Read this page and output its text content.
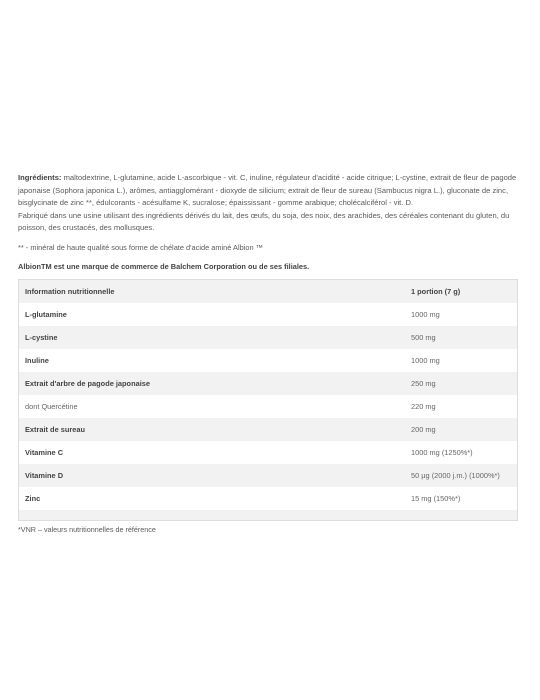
Ingrédients: maltodextrine, L-glutamine, acide L-ascorbique - vit. C, inuline, régulateur d'acidité - acide citrique; L-cystine, extrait de fleur de pagode japonaise (Sophora japonica L.), arômes, antiagglomérant - dioxyde de silicium; extrait de fleur de sureau (Sambucus nigra L.), gluconate de zinc, bisglycinate de zinc **, édulcorants - acésulfame K, sucralose; épaississant - gomme arabique; cholécalciférol - vit. D.
Fabriqué dans une usine utilisant des ingrédients dérivés du lait, des œufs, du soja, des noix, des arachides, des céréales contenant du gluten, du poisson, des crustacés, des mollusques.

** - minéral de haute qualité sous forme de chélate d'acide aminé Albion ™

AlbionTM est une marque de commerce de Balchem Corporation ou de ses filiales.

Information nutritionnelle	1 portion (7 g)
L-glutamine	1000 mg
L-cystine	500 mg
Inuline	1000 mg
Extrait d'arbre de pagode japonaise	250 mg
dont Quercétine	220 mg
Extrait de sureau	200 mg
Vitamine C	1000 mg (1250%*)
Vitamine D	50 µg (2000 j.m.) (1000%*)
Zinc	15 mg (150%*)

*VNR – valeurs nutritionnelles de référence
